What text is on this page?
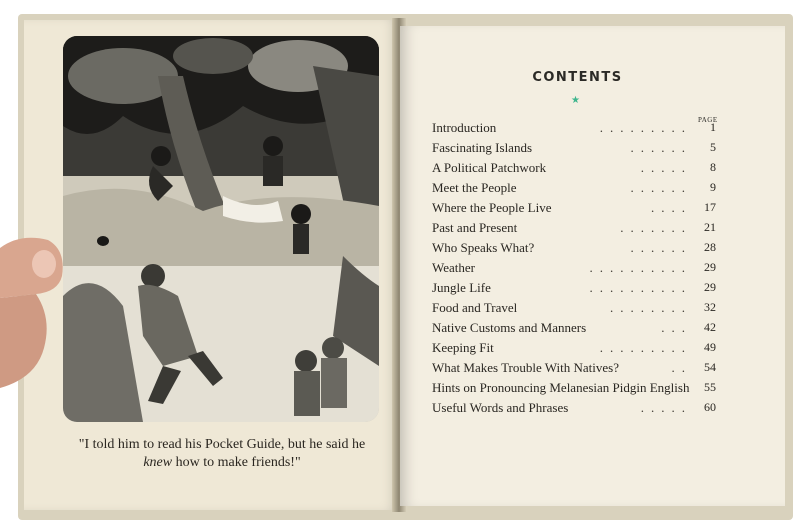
"I told him to read his Pocket Guide, but he said he
knew how to make friends!"
CONTENTS
★
PAGE
Introduction	......... 1
Fascinating Islands	...... 5
A Political Patchwork	..... 8
Meet the People	...... 9
Where the People Live	.... 17
Past and Present	....... 21
Who Speaks What?	...... 28
Weather	.......... 29
Jungle Life	.......... 29
Food and Travel	........ 32
Native Customs and Manners	... 42
Keeping Fit	......... 49
What Makes Trouble With Natives?	.. 54
Hints on Pronouncing Melanesian Pidgin English 55
Useful Words and Phrases	..... 60
